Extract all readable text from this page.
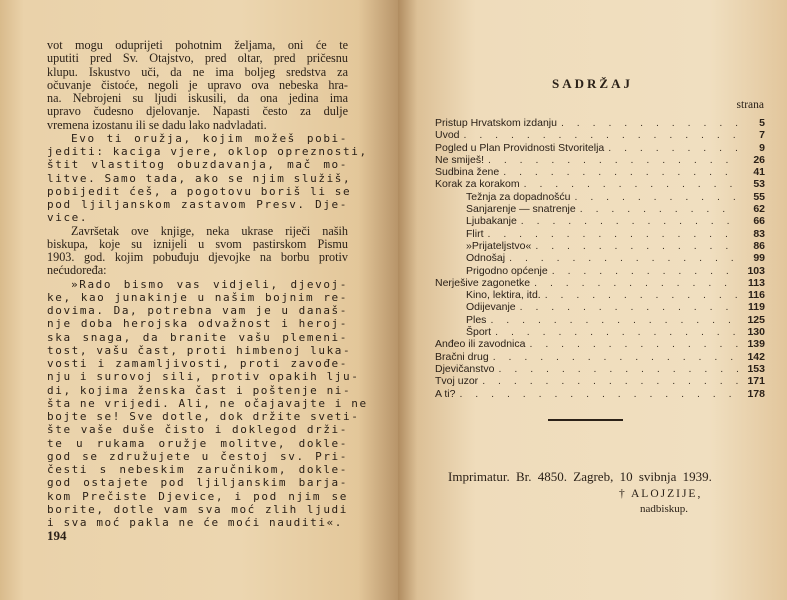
vot mogu oduprijeti pohotnim željama, oni će te
uputiti pred Sv. Otajstvo, pred oltar, pred pričesnu
klupu. Iskustvo uči, da ne ima boljeg sredstva za
očuvanje čistoće, negoli je upravo ova nebeska hra-
na. Nebrojeni su ljudi iskusili, da ona jedina ima
upravo čudesno djelovanje. Napasti često za dulje
vremena izostanu ili se dadu lako nadvladati.
Evo ti oružja, kojim možeš pobi-
jediti: kaciga vjere, oklop opreznosti,
štit vlastitog obuzdavanja, mač mo-
litve. Samo tada, ako se njim služiš,
pobijedit ćeš, a pogotovu boriš li se
pod ljiljanskom zastavom Presv. Dje-
vice.
Završetak ove knjige, neka ukrase riječi naših
biskupa, koje su iznijeli u svom pastirskom Pismu
1903. god. kojim pobuđuju djevojke na borbu protiv
nećudoređa:
»Rado bismo vas vidjeli, djevoj-
ke, kao junakinje u našim bojnim re-
dovima. Da, potrebna vam je u današ-
nje doba herojska odvažnost i heroj-
ska snaga, da branite vašu plemeni-
tost, vašu čast, proti himbenoj luka-
vosti i zamamljivosti, proti zavođe-
nju i surovoj sili, protiv opakih lju-
di, kojima ženska čast i poštenje ni-
šta ne vrijedi. Ali, ne očajavajte i ne
bojte se! Sve dotle, dok držite sveti-
šte vaše duše čisto i doklegod drži-
te u rukama oružje molitve, dokle-
god se združujete u čestoj sv. Pri-
česti s nebeskim zaručnikom, dokle-
god ostajete pod ljiljanskim barja-
kom Prečiste Djevice, i pod njim se
borite, dotle vam sva moć zlih ljudi
i sva moć pakla ne će moći nauditi«.
194
SADRŽAJ
strana
Pristup Hrvatskom izdanju . . .	5
Uvod . . .	7
Pogled u Plan Providnosti Stvoritelja . . .	9
Ne smiješ! . . .	26
Sudbina žene . . .	41
Korak za korakom . . .	53
Težnja za dopadnošću . . .	55
Sanjarenje — snatrenje . . .	62
Ljubakanje . . .	66
Flirt . . .	83
»Prijateljstvo« . . .	86
Odnošaj . . .	99
Prigodno općenje . . .	103
Nerješive zagonetke . . .	113
Kino, lektira, itd. . . .	116
Odijevanje . . .	119
Ples . . .	125
Šport . . .	130
Anđeo ili zavodnica . . .	139
Bračni drug . . .	142
Djevičanstvo . . .	153
Tvoj uzor . . .	171
A ti? . . .	178
Imprimatur. Br. 4850. Zagreb, 10 svibnja 1939.
† ALOJZIJE,
nadbiskup.
